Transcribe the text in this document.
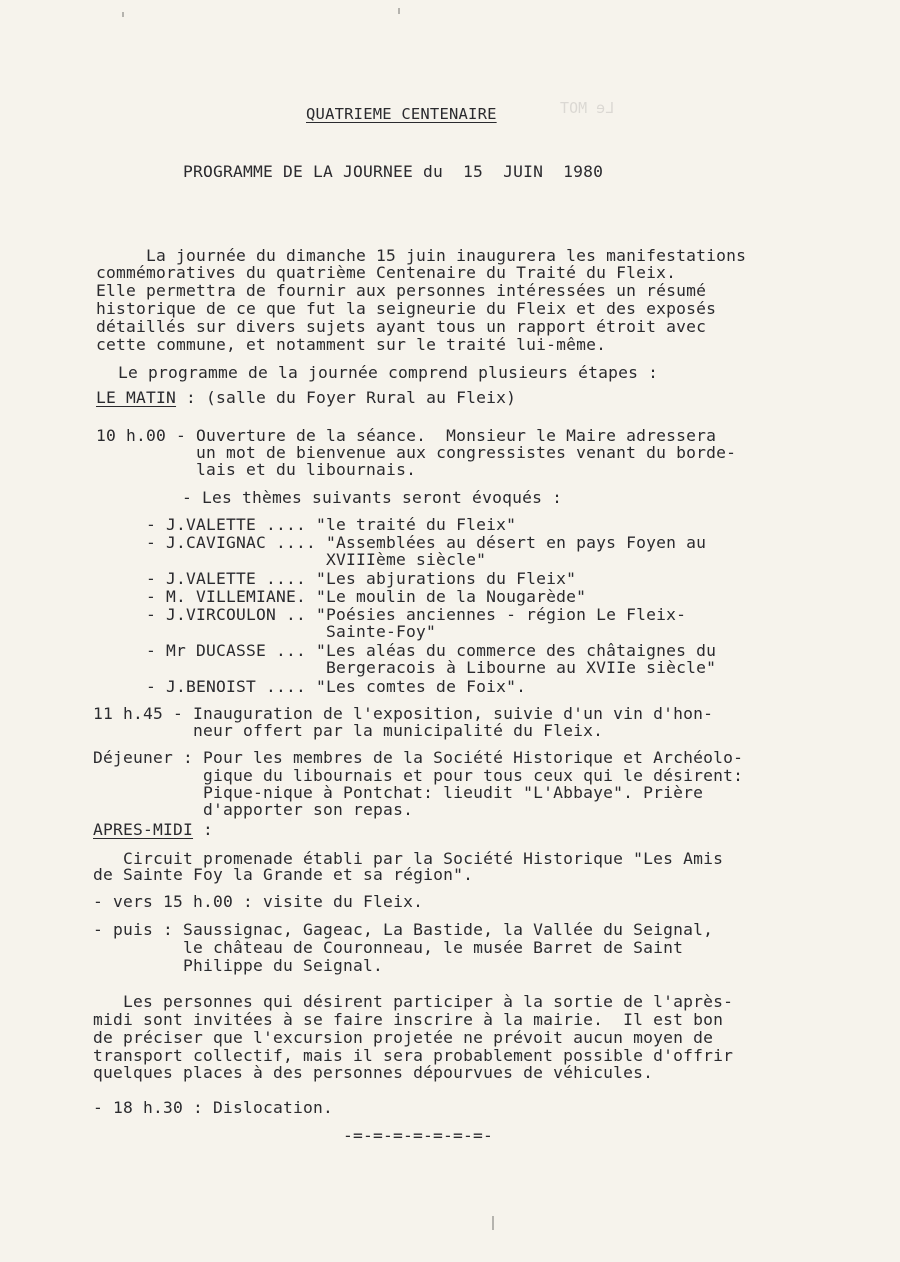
Le MOT
QUATRIEME CENTENAIRE
PROGRAMME DE LA JOURNEE du  15  JUIN  1980
La journée du dimanche 15 juin inaugurera les manifestations
commémoratives du quatrième Centenaire du Traité du Fleix.
Elle permettra de fournir aux personnes intéressées un résumé
historique de ce que fut la seigneurie du Fleix et des exposés
détaillés sur divers sujets ayant tous un rapport étroit avec
cette commune, et notamment sur le traité lui-même.
Le programme de la journée comprend plusieurs étapes :
LE MATIN : (salle du Foyer Rural au Fleix)
10 h.00 - Ouverture de la séance.  Monsieur le Maire adressera
un mot de bienvenue aux congressistes venant du borde-
lais et du libournais.
- Les thèmes suivants seront évoqués :
- J.VALETTE .... "le traité du Fleix"
- J.CAVIGNAC .... "Assemblées au désert en pays Foyen au
XVIIIème siècle"
- J.VALETTE .... "Les abjurations du Fleix"
- M. VILLEMIANE. "Le moulin de la Nougarède"
- J.VIRCOULON .. "Poésies anciennes - région Le Fleix-
Sainte-Foy"
- Mr DUCASSE ... "Les aléas du commerce des châtaignes du
Bergeracois à Libourne au XVIIe siècle"
- J.BENOIST .... "Les comtes de Foix".
11 h.45 - Inauguration de l'exposition, suivie d'un vin d'hon-
neur offert par la municipalité du Fleix.
Déjeuner : Pour les membres de la Société Historique et Archéolo-
gique du libournais et pour tous ceux qui le désirent:
Pique-nique à Pontchat: lieudit "L'Abbaye". Prière
d'apporter son repas.
APRES-MIDI :
Circuit promenade établi par la Société Historique "Les Amis
de Sainte Foy la Grande et sa région".
- vers 15 h.00 : visite du Fleix.
- puis : Saussignac, Gageac, La Bastide, la Vallée du Seignal,
le château de Couronneau, le musée Barret de Saint
Philippe du Seignal.
Les personnes qui désirent participer à la sortie de l'après-
midi sont invitées à se faire inscrire à la mairie.  Il est bon
de préciser que l'excursion projetée ne prévoit aucun moyen de
transport collectif, mais il sera probablement possible d'offrir
quelques places à des personnes dépourvues de véhicules.
- 18 h.30 : Dislocation.
-=-=-=-=-=-=-=-
